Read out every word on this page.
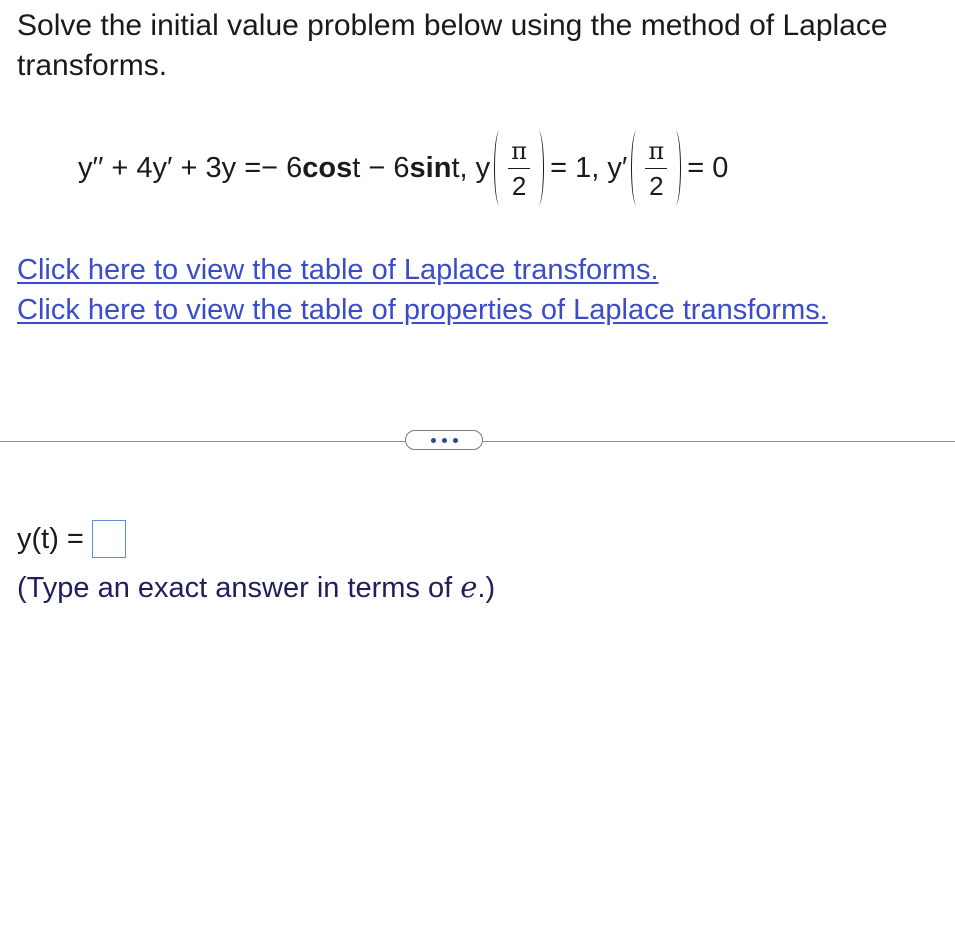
Solve the initial value problem below using the method of Laplace transforms.

y′′ + 4y′ + 3y = − 6 cos t − 6 sin t, y $\frac{\pi}{2} = 1$, $y' \frac{\pi}{2} = 0$
Click here to view the table of Laplace transforms.
Click here to view the table of properties of Laplace transforms.
y(t) =
(Type an exact answer in terms of e.)
